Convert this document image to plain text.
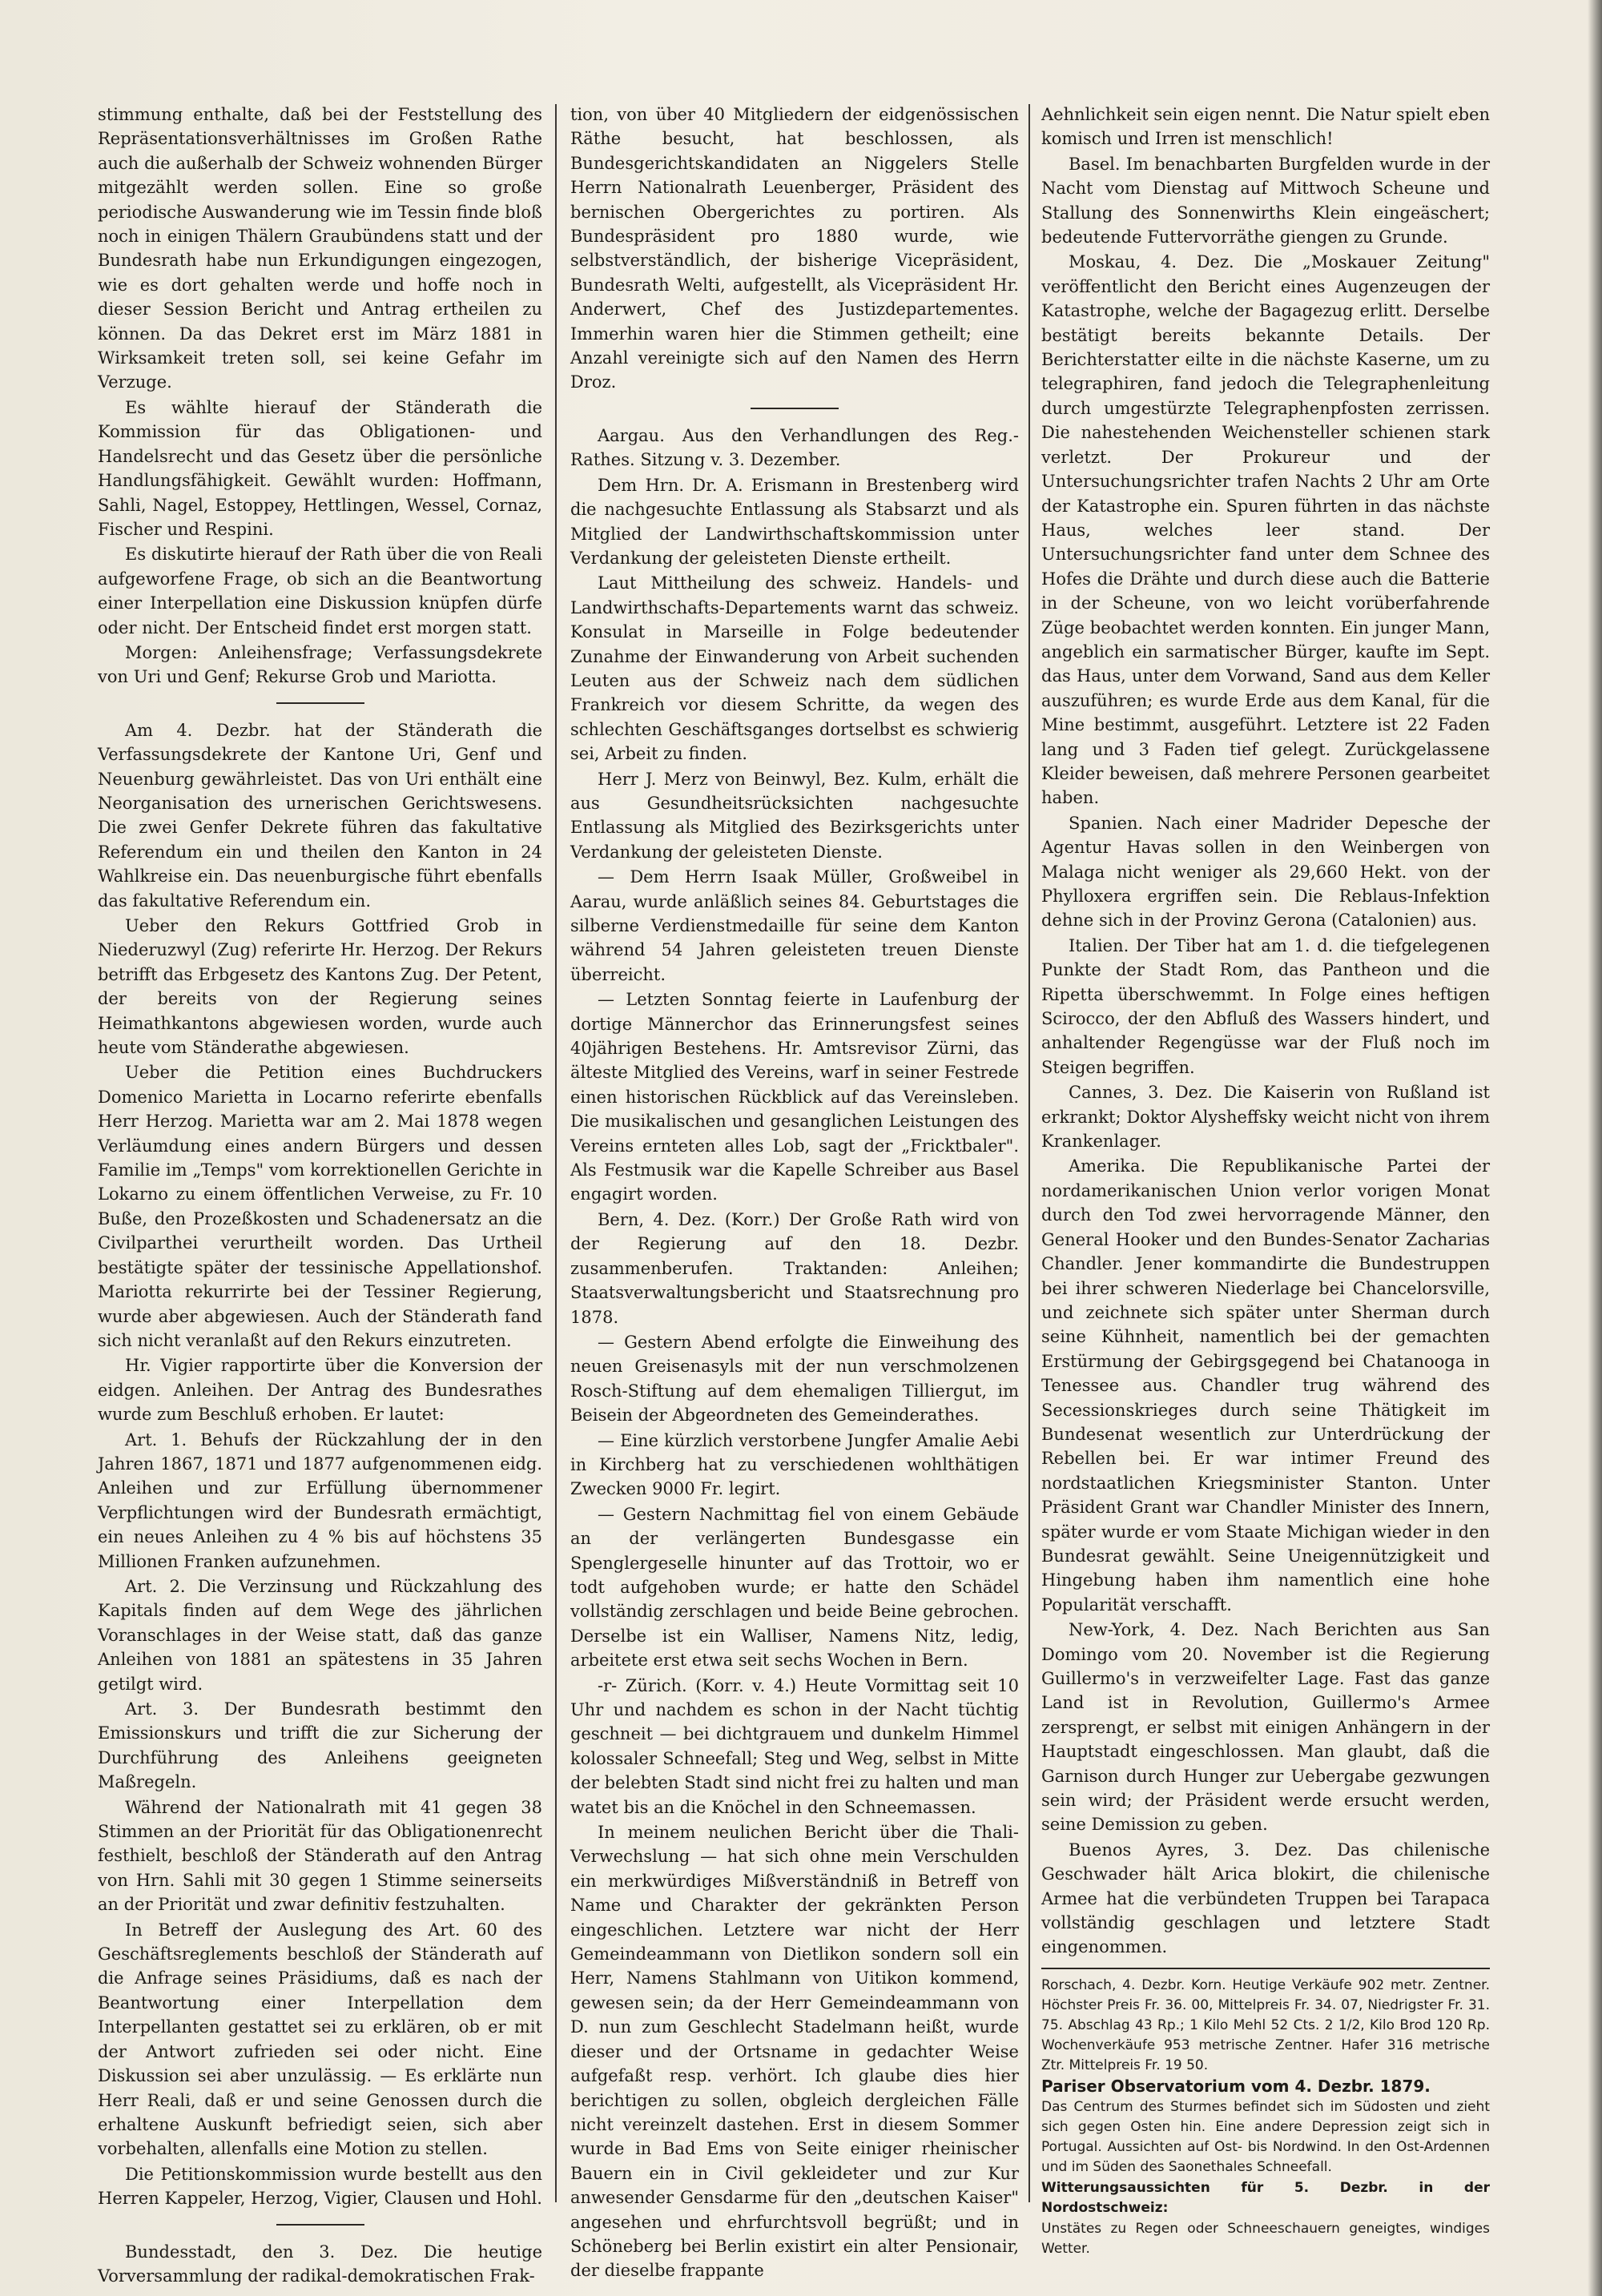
stimmung enthalte, daß bei der Feststellung des Repräsentationsverhältnisses im Großen Rathe auch die außerhalb der Schweiz wohnenden Bürger mitgezählt werden sollen. Eine so große periodische Auswanderung wie im Tessin finde bloß noch in einigen Thälern Graubündens statt und der Bundesrath habe nun Erkundigungen eingezogen, wie es dort gehalten werde und hoffe noch in dieser Session Bericht und Antrag ertheilen zu können. Da das Dekret erst im März 1881 in Wirksamkeit treten soll, sei keine Gefahr im Verzuge.

Es wählte hierauf der Ständerath die Kommission für das Obligationen- und Handelsrecht und das Gesetz über die persönliche Handlungsfähigkeit. Gewählt wurden: Hoffmann, Sahli, Nagel, Estoppey, Hettlingen, Wessel, Cornaz, Fischer und Respini.

Es diskutirte hierauf der Rath über die von Reali aufgeworfene Frage, ob sich an die Beantwortung einer Interpellation eine Diskussion knüpfen dürfe oder nicht. Der Entscheid findet erst morgen statt.

Morgen: Anleihensfrage; Verfassungsdekrete von Uri und Genf; Rekurse Grob und Mariotta.

Am 4. Dezbr. hat der Ständerath die Verfassungsdekrete der Kantone Uri, Genf und Neuenburg gewährleistet. Das von Uri enthält eine Neorganisation des urnerischen Gerichtswesens. Die zwei Genfer Dekrete führen das fakultative Referendum ein und theilen den Kanton in 24 Wahlkreise ein. Das neuenburgische führt ebenfalls das fakultative Referendum ein.

Ueber den Rekurs Gottfried Grob in Niederuzwyl (Zug) referirte Hr. Herzog. Der Rekurs betrifft das Erbgesetz des Kantons Zug. Der Petent, der bereits von der Regierung seines Heimathkantons abgewiesen worden, wurde auch heute vom Ständerathe abgewiesen.

Ueber die Petition eines Buchdruckers Domenico Marietta in Locarno referirte ebenfalls Herr Herzog. Marietta war am 2. Mai 1878 wegen Verläumdung eines andern Bürgers und dessen Familie im „Temps" vom korrektionellen Gerichte in Lokarno zu einem öffentlichen Verweise, zu Fr. 10 Buße, den Prozeßkosten und Schadenersatz an die Civilparthei verurtheilt worden. Das Urtheil bestätigte später der tessinische Appellationshof. Mariotta rekurrirte bei der Tessiner Regierung, wurde aber abgewiesen. Auch der Ständerath fand sich nicht veranlaßt auf den Rekurs einzutreten.

Hr. Vigier rapportirte über die Konversion der eidgen. Anleihen. Der Antrag des Bundesrathes wurde zum Beschluß erhoben. Er lautet:

Art. 1. Behufs der Rückzahlung der in den Jahren 1867, 1871 und 1877 aufgenommenen eidg. Anleihen und zur Erfüllung übernommener Verpflichtungen wird der Bundesrath ermächtigt, ein neues Anleihen zu 4 % bis auf höchstens 35 Millionen Franken aufzunehmen.

Art. 2. Die Verzinsung und Rückzahlung des Kapitals finden auf dem Wege des jährlichen Voranschlages in der Weise statt, daß das ganze Anleihen von 1881 an spätestens in 35 Jahren getilgt wird.

Art. 3. Der Bundesrath bestimmt den Emissionskurs und trifft die zur Sicherung der Durchführung des Anleihens geeigneten Maßregeln.

Während der Nationalrath mit 41 gegen 38 Stimmen an der Priorität für das Obligationenrecht festhielt, beschloß der Ständerath auf den Antrag von Hrn. Sahli mit 30 gegen 1 Stimme seinerseits an der Priorität und zwar definitiv festzuhalten.

In Betreff der Auslegung des Art. 60 des Geschäftsreglements beschloß der Ständerath auf die Anfrage seines Präsidiums, daß es nach der Beantwortung einer Interpellation dem Interpellanten gestattet sei zu erklären, ob er mit der Antwort zufrieden sei oder nicht. Eine Diskussion sei aber unzulässig. — Es erklärte nun Herr Reali, daß er und seine Genossen durch die erhaltene Auskunft befriedigt seien, sich aber vorbehalten, allenfalls eine Motion zu stellen.

Die Petitionskommission wurde bestellt aus den Herren Kappeler, Herzog, Vigier, Clausen und Hohl.

Bundesstadt, den 3. Dez. Die heutige Vorversammlung der radikal-demokratischen Frak-

tion, von über 40 Mitgliedern der eidgenössischen Räthe besucht, hat beschlossen, als Bundesgerichtskandidaten an Niggelers Stelle Herrn Nationalrath Leuenberger, Präsident des bernischen Obergerichtes zu portiren. Als Bundespräsident pro 1880 wurde, wie selbstverständlich, der bisherige Vicepräsident, Bundesrath Welti, aufgestellt, als Vicepräsident Hr. Anderwert, Chef des Justizdepartementes. Immerhin waren hier die Stimmen getheilt; eine Anzahl vereinigte sich auf den Namen des Herrn Droz.

Aargau. Aus den Verhandlungen des Reg.-Rathes. Sitzung v. 3. Dezember.

Dem Hrn. Dr. A. Erismann in Brestenberg wird die nachgesuchte Entlassung als Stabsarzt und als Mitglied der Landwirthschaftskommission unter Verdankung der geleisteten Dienste ertheilt.

Laut Mittheilung des schweiz. Handels- und Landwirthschafts-Departements warnt das schweiz. Konsulat in Marseille in Folge bedeutender Zunahme der Einwanderung von Arbeit suchenden Leuten aus der Schweiz nach dem südlichen Frankreich vor diesem Schritte, da wegen des schlechten Geschäftsganges dortselbst es schwierig sei, Arbeit zu finden.

Herr J. Merz von Beinwyl, Bez. Kulm, erhält die aus Gesundheitsrücksichten nachgesuchte Entlassung als Mitglied des Bezirksgerichts unter Verdankung der geleisteten Dienste.

— Dem Herrn Isaak Müller, Großweibel in Aarau, wurde anläßlich seines 84. Geburtstages die silberne Verdienstmedaille für seine dem Kanton während 54 Jahren geleisteten treuen Dienste überreicht.

— Letzten Sonntag feierte in Laufenburg der dortige Männerchor das Erinnerungsfest seines 40jährigen Bestehens. Hr. Amtsrevisor Zürni, das älteste Mitglied des Vereins, warf in seiner Festrede einen historischen Rückblick auf das Vereinsleben. Die musikalischen und gesanglichen Leistungen des Vereins ernteten alles Lob, sagt der „Fricktbaler". Als Festmusik war die Kapelle Schreiber aus Basel engagirt worden.

Bern, 4. Dez. (Korr.) Der Große Rath wird von der Regierung auf den 18. Dezbr. zusammenberufen. Traktanden: Anleihen; Staatsverwaltungsbericht und Staatsrechnung pro 1878.

— Gestern Abend erfolgte die Einweihung des neuen Greisenasyls mit der nun verschmolzenen Rosch-Stiftung auf dem ehemaligen Tilliergut, im Beisein der Abgeordneten des Gemeinderathes.

— Eine kürzlich verstorbene Jungfer Amalie Aebi in Kirchberg hat zu verschiedenen wohlthätigen Zwecken 9000 Fr. legirt.

— Gestern Nachmittag fiel von einem Gebäude an der verlängerten Bundesgasse ein Spenglergeselle hinunter auf das Trottoir, wo er todt aufgehoben wurde; er hatte den Schädel vollständig zerschlagen und beide Beine gebrochen. Derselbe ist ein Walliser, Namens Nitz, ledig, arbeitete erst etwa seit sechs Wochen in Bern.

-r- Zürich. (Korr. v. 4.) Heute Vormittag seit 10 Uhr und nachdem es schon in der Nacht tüchtig geschneit — bei dichtgrauem und dunkelm Himmel kolossaler Schneefall; Steg und Weg, selbst in Mitte der belebten Stadt sind nicht frei zu halten und man watet bis an die Knöchel in den Schneemassen.

In meinem neulichen Bericht über die Thali-Verwechslung — hat sich ohne mein Verschulden ein merkwürdiges Mißverständniß in Betreff von Name und Charakter der gekränkten Person eingeschlichen. Letztere war nicht der Herr Gemeindeammann von Dietlikon sondern soll ein Herr, Namens Stahlmann von Uitikon kommend, gewesen sein; da der Herr Gemeindeammann von D. nun zum Geschlecht Stadelmann heißt, wurde dieser und der Ortsname in gedachter Weise aufgefaßt resp. verhört. Ich glaube dies hier berichtigen zu sollen, obgleich dergleichen Fälle nicht vereinzelt dastehen. Erst in diesem Sommer wurde in Bad Ems von Seite einiger rheinischer Bauern ein in Civil gekleideter und zur Kur anwesender Gensdarme für den „deutschen Kaiser" angesehen und ehrfurchtsvoll begrüßt; und in Schöneberg bei Berlin existirt ein alter Pensionair, der dieselbe frappante

Aehnlichkeit sein eigen nennt. Die Natur spielt eben komisch und Irren ist menschlich!

Basel. Im benachbarten Burgfelden wurde in der Nacht vom Dienstag auf Mittwoch Scheune und Stallung des Sonnenwirths Klein eingeäschert; bedeutende Futtervorräthe giengen zu Grunde.

Moskau, 4. Dez. Die „Moskauer Zeitung" veröffentlicht den Bericht eines Augenzeugen der Katastrophe, welche der Bagagezug erlitt. Derselbe bestätigt bereits bekannte Details. Der Berichterstatter eilte in die nächste Kaserne, um zu telegraphiren, fand jedoch die Telegraphenleitung durch umgestürzte Telegraphenpfosten zerrissen. Die nahestehenden Weichensteller schienen stark verletzt. Der Prokureur und der Untersuchungsrichter trafen Nachts 2 Uhr am Orte der Katastrophe ein. Spuren führten in das nächste Haus, welches leer stand. Der Untersuchungsrichter fand unter dem Schnee des Hofes die Drähte und durch diese auch die Batterie in der Scheune, von wo leicht vorüberfahrende Züge beobachtet werden konnten. Ein junger Mann, angeblich ein sarmatischer Bürger, kaufte im Sept. das Haus, unter dem Vorwand, Sand aus dem Keller auszuführen; es wurde Erde aus dem Kanal, für die Mine bestimmt, ausgeführt. Letztere ist 22 Faden lang und 3 Faden tief gelegt. Zurückgelassene Kleider beweisen, daß mehrere Personen gearbeitet haben.

Spanien. Nach einer Madrider Depesche der Agentur Havas sollen in den Weinbergen von Malaga nicht weniger als 29,660 Hekt. von der Phylloxera ergriffen sein. Die Reblaus-Infektion dehne sich in der Provinz Gerona (Catalonien) aus.

Italien. Der Tiber hat am 1. d. die tiefgelegenen Punkte der Stadt Rom, das Pantheon und die Ripetta überschwemmt. In Folge eines heftigen Scirocco, der den Abfluß des Wassers hindert, und anhaltender Regengüsse war der Fluß noch im Steigen begriffen.

Cannes, 3. Dez. Die Kaiserin von Rußland ist erkrankt; Doktor Alysheffsky weicht nicht von ihrem Krankenlager.

Amerika. Die Republikanische Partei der nordamerikanischen Union verlor vorigen Monat durch den Tod zwei hervorragende Männer, den General Hooker und den Bundes-Senator Zacharias Chandler. Jener kommandirte die Bundestruppen bei ihrer schweren Niederlage bei Chancelorsville, und zeichnete sich später unter Sherman durch seine Kühnheit, namentlich bei der gemachten Erstürmung der Gebirgsgegend bei Chatanooga in Tenessee aus. Chandler trug während des Secessionskrieges durch seine Thätigkeit im Bundesenat wesentlich zur Unterdrückung der Rebellen bei. Er war intimer Freund des nordstaatlichen Kriegsminister Stanton. Unter Präsident Grant war Chandler Minister des Innern, später wurde er vom Staate Michigan wieder in den Bundesrat gewählt. Seine Uneigennützigkeit und Hingebung haben ihm namentlich eine hohe Popularität verschafft.

New-York, 4. Dez. Nach Berichten aus San Domingo vom 20. November ist die Regierung Guillermo's in verzweifelter Lage. Fast das ganze Land ist in Revolution, Guillermo's Armee zersprengt, er selbst mit einigen Anhängern in der Hauptstadt eingeschlossen. Man glaubt, daß die Garnison durch Hunger zur Uebergabe gezwungen sein wird; der Präsident werde ersucht werden, seine Demission zu geben.

Buenos Ayres, 3. Dez. Das chilenische Geschwader hält Arica blokirt, die chilenische Armee hat die verbündeten Truppen bei Tarapaca vollständig geschlagen und letztere Stadt eingenommen.

Rorschach, 4. Dezbr. Korn. Heutige Verkäufe 902 metr. Zentner. Höchster Preis Fr. 36. 00, Mittelpreis Fr. 34. 07, Niedrigster Fr. 31. 75. Abschlag 43 Rp.; 1 Kilo Mehl 52 Cts. 2 1/2, Kilo Brod 120 Rp. Wochenverkäufe 953 metrische Zentner. Hafer 316 metrische Ztr. Mittelpreis Fr. 19 50.

Pariser Observatorium vom 4. Dezbr. 1879.

Das Centrum des Sturmes befindet sich im Südosten und zieht sich gegen Osten hin. Eine andere Depression zeigt sich in Portugal. Aussichten auf Ost- bis Nordwind. In den Ost-Ardennen und im Süden des Saonethales Schneefall.

Witterungsaussichten für 5. Dezbr. in der Nordostschweiz:

Unstätes zu Regen oder Schneeschauern geneigtes, windiges Wetter.
